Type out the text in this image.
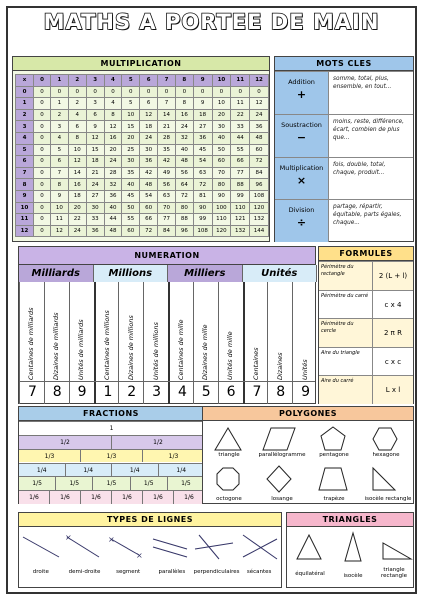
MATHS A PORTEE DE MAIN
MULTIPLICATION
x	0	1	2	3	4	5	6	7	8	9	10	11	12
0	0	0	0	0	0	0	0	0	0	0	0	0	0
1	0	1	2	3	4	5	6	7	8	9	10	11	12
2	0	2	4	6	8	10	12	14	16	18	20	22	24
3	0	3	6	9	12	15	18	21	24	27	30	33	36
4	0	4	8	12	16	20	24	28	32	36	40	44	48
5	0	5	10	15	20	25	30	35	40	45	50	55	60
6	0	6	12	18	24	30	36	42	48	54	60	66	72
7	0	7	14	21	28	35	42	49	56	63	70	77	84
8	0	8	16	24	32	40	48	56	64	72	80	88	96
9	0	9	18	27	36	45	54	63	72	81	90	99	108
10	0	10	20	30	40	50	60	70	80	90	100	110	120
11	0	11	22	33	44	55	66	77	88	99	110	121	132
12	0	12	24	36	48	60	72	84	96	108	120	132	144
MOTS CLES
Addition
+
somme, total, plus, ensemble, en tout...
Soustraction
−
moins, reste, différence, écart, combien de plus que...
Multiplication
×
fois, double, total, chaque, produit...
Division
÷
partage, répartir, équitable, parts égales, chaque...
NUMERATION
Milliards	Millions	Milliers	Unités
Centaines de milliards
7
Dizaines de milliards
8
Unités de milliards
9
Centaines de millions
1
Dizaines de millions
2
Unités de millions
3
Centaines de mille
4
Dizaines de mille
5
Unités de mille
6
Centaines
7
Dizaines
8
Unités
9
FORMULES
Périmètre du rectangle	2 (L + l)
Périmètre du carré
c x 4
Périmètre du cercle	2 π R
Aire du triangle
c x c
Aire du carré
L x l
FRACTIONS
1
1/2	1/2
1/3	1/3	1/3
1/4	1/4	1/4	1/4
1/5	1/5	1/5	1/5	1/5
1/6	1/6	1/6	1/6	1/6	1/6
POLYGONES
triangle	parallélogramme	pentagone	hexagone
octogone	losange	trapèze	isocèle rectangle
TYPES DE LIGNES
×	×
×
droite	demi-droite	segment	parallèles	perpendiculaires	sécantes
TRIANGLES
équilatéral	isocèle
triangle rectangle
